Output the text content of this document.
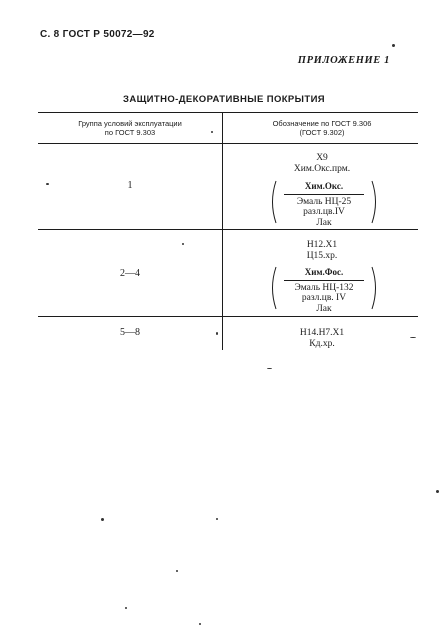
С. 8 ГОСТ Р 50072—92
ПРИЛОЖЕНИЕ 1
ЗАЩИТНО-ДЕКОРАТИВНЫЕ ПОКРЫТИЯ
Группа условий эксплуатации
по ГОСТ 9.303
Обозначение по ГОСТ 9.306
(ГОСТ 9.302)
1
Х9
Хим.Окс.прм.
Хим.Окс.
Эмаль НЦ-25
разл.цв.IV
Лак
2—4
Н12.Х1
Ц15.хр.
Хим.Фос.
Эмаль НЦ-132
разл.цв. IV
Лак
5—8	Н14.Н7.Х1
Кд.хр.
